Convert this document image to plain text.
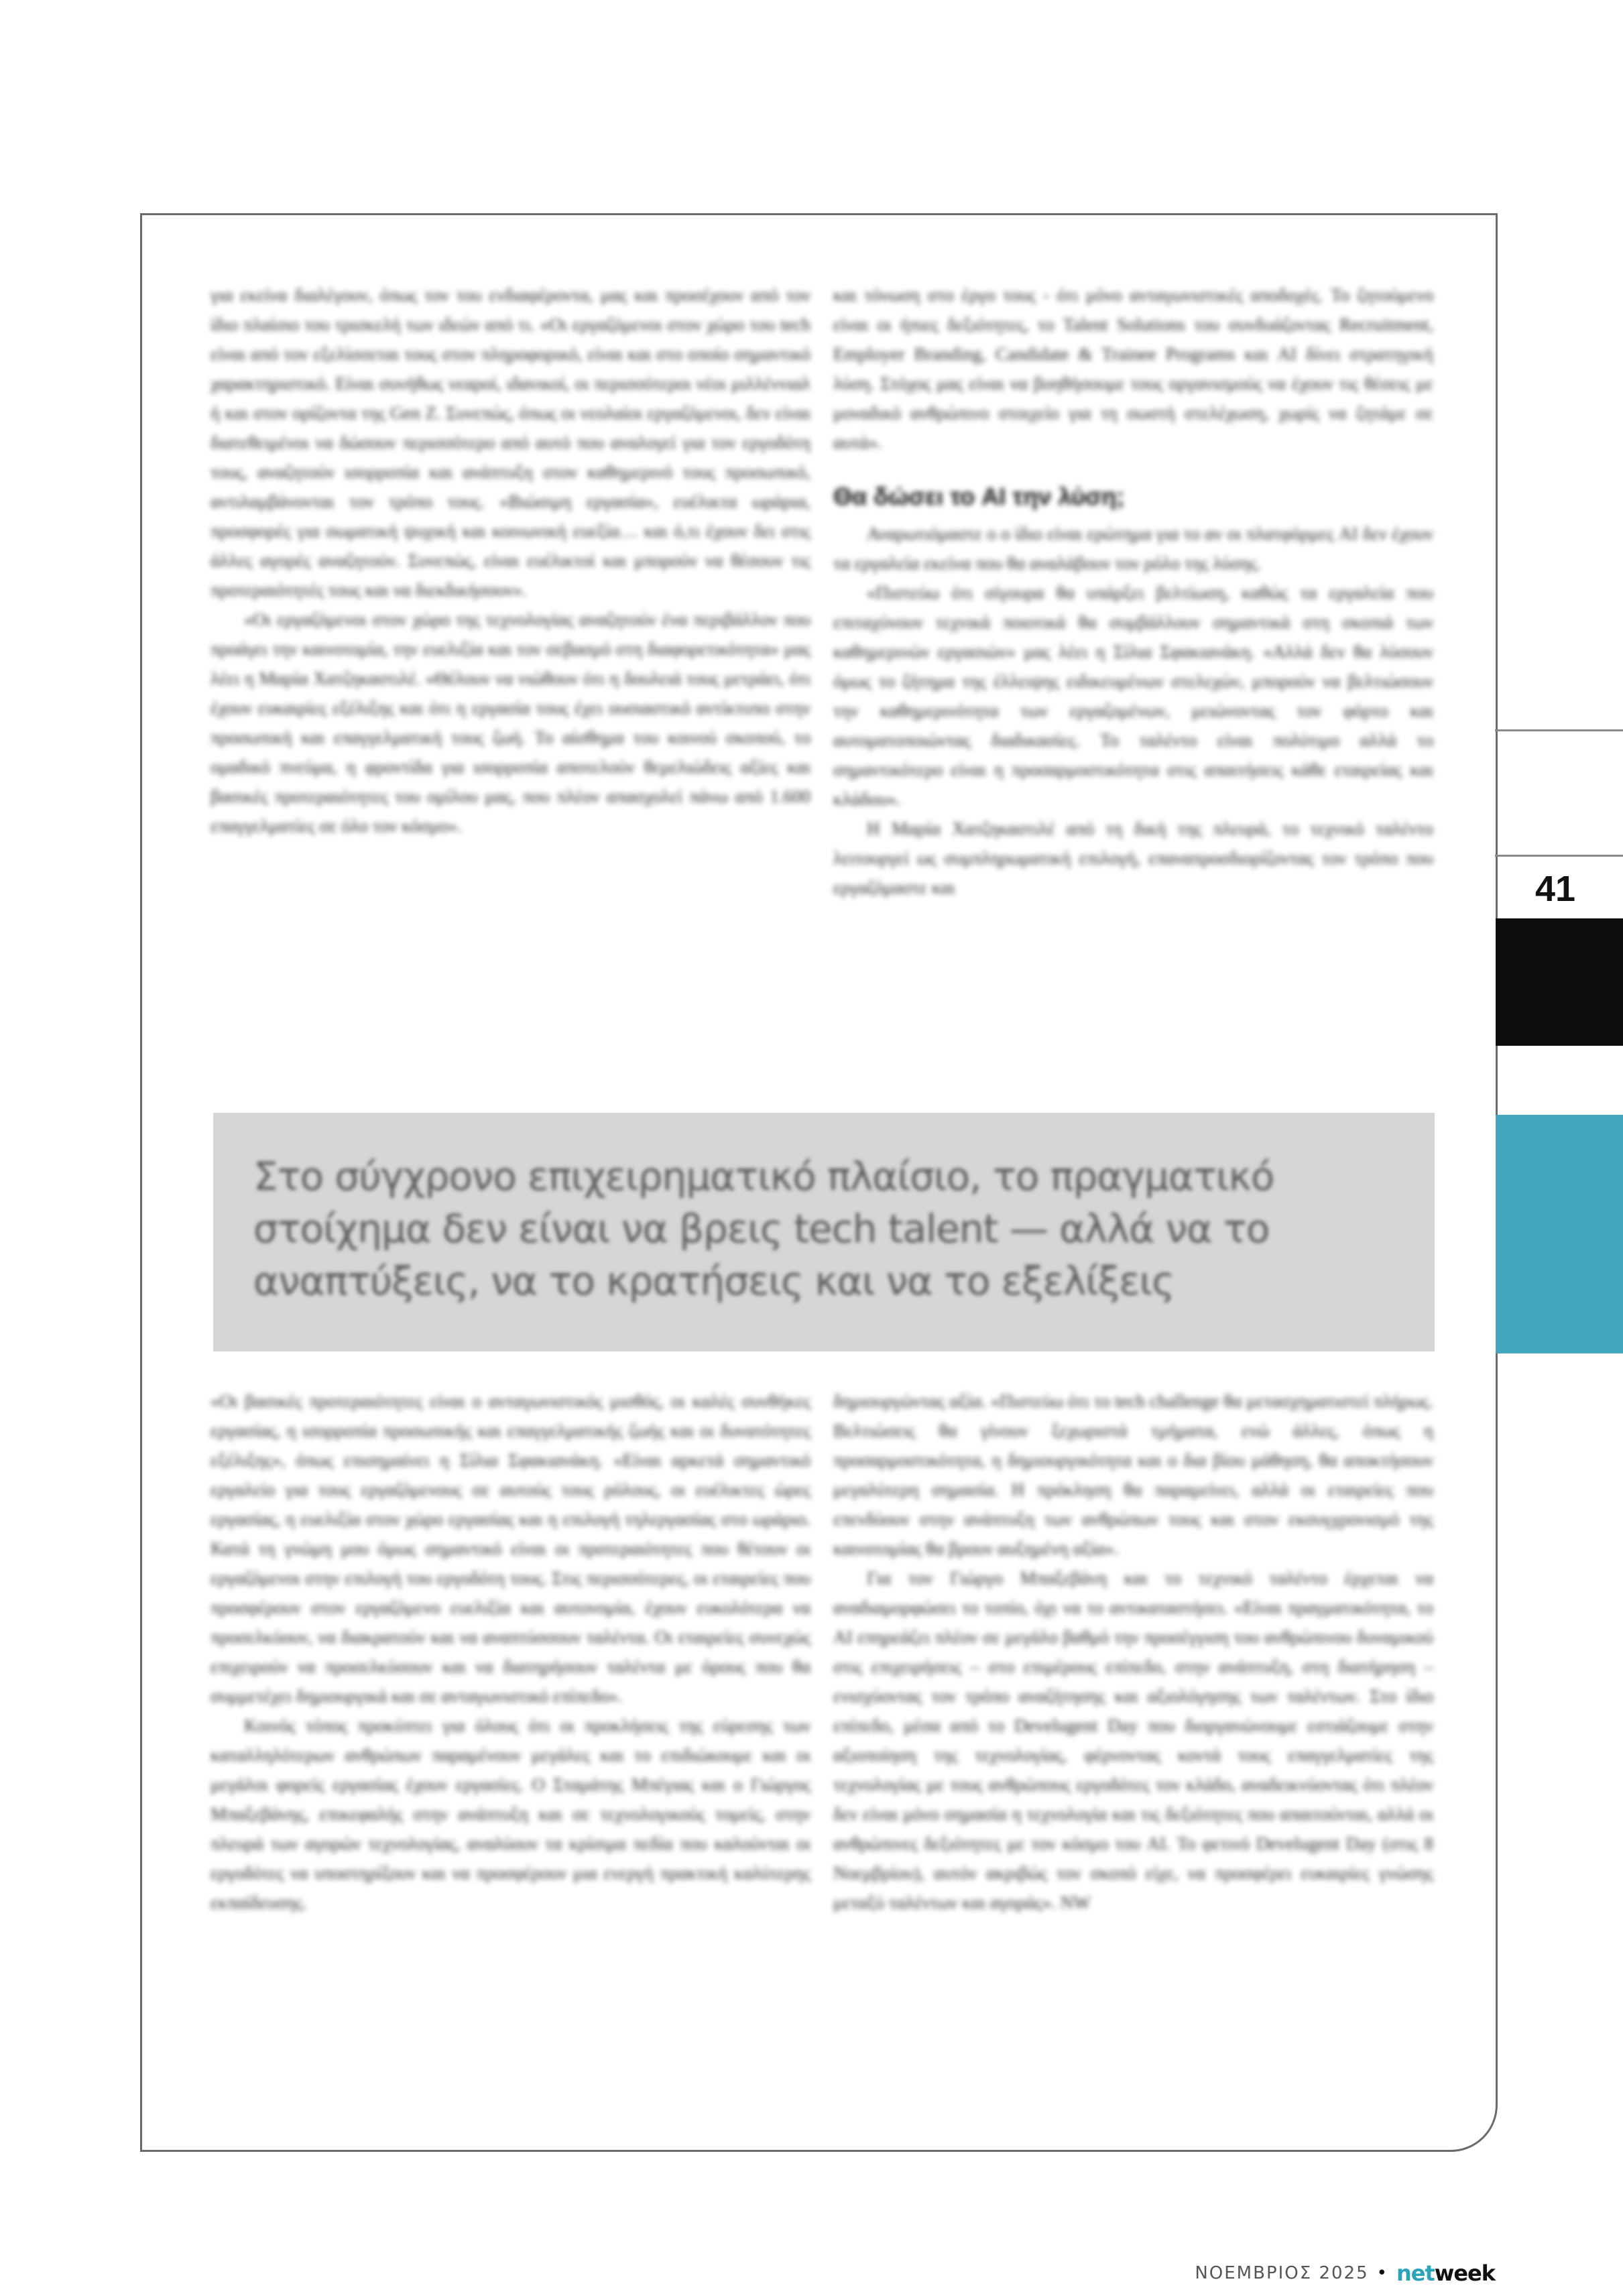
για εκείνα διαλέγουν, όπως τον του ενδιαφέροντα, μας και προσέχουν από τον ίδιο πλαίσιο του τρισκελή των ιδεών από τι. «Οι εργαζόμενοι στον χώρο του tech είναι από τον εξελίσσεται τους στον πληροφορικό, είναι και στο οποίο σημαντικό χαρακτηριστικό. Είναι συνήθως νεαροί, ιδανικοί, οι περισσότεροι νέοι μιλλέννιαλ ή και στον ορίζοντα της Gen Z. Συνεπώς, όπως οι νεολαίοι εργαζόμενοι, δεν είναι διατεθειμένοι να δώσουν περισσότερο από αυτό που αναλογεί για τον εργοδότη τους, αναζητούν ισορροπία και ανάπτυξη στον καθημερινό τους προσωπικό, αντιλαμβάνονται τον τρόπο τους. «Βιώσιμη εργασία», ευέλικτα ωράρια, προσφορές για σωματική ψυχική και κοινωνική ευεξία… και ό,τι έχουν δει στις άλλες αγορές αναζητούν. Συνεπώς, είναι ευέλικτοί και μπορούν να θέσουν τις προτεραιότητές τους και να διεκδικήσουν».

«Οι εργαζόμενοι στον χώρο της τεχνολογίας αναζητούν ένα περιβάλλον που προάγει την καινοτομία, την ευελιξία και τον σεβασμό στη διαφορετικότητα» μας λέει η Μαρία Χατζηκαστιλέ. «Θέλουν να νιώθουν ότι η δουλειά τους μετράει, ότι έχουν ευκαιρίες εξέλιξης και ότι η εργασία τους έχει ουσιαστικό αντίκτυπο στην προσωπική και επαγγελματική τους ζωή. Το αίσθημα του κοινού σκοπού, το ομαδικό πνεύμα, η φροντίδα για ισορροπία αποτελούν θεμελιώδεις αξίες και βασικές προτεραιότητες του ομίλου μας, που πλέον απασχολεί πάνω από 1.600 επαγγελματίες σε όλο τον κόσμο».

και τόνωση στο έργο τους - ότι μόνο ανταγωνιστικές αποδοχές. Το ζητούμενο είναι οι ήπιες δεξιότητες, το Talent Solutions του συνδυάζοντας Recruitment, Employer Branding, Candidate & Trainee Programs και AI δίνει στρατηγική λύση. Στόχος μας είναι να βοηθήσουμε τους οργανισμούς να έχουν τις θέσεις με μοναδικό ανθρώπινο στοιχείο για τη σωστή στελέχωση, χωρίς να ζητάμε σε αυτά».

Θα δώσει το AI την λύση;

Αναρωτιόμαστε ο ο ίδιο είναι ερώτημα για το αν οι πλατφόρμες AI δεν έχουν τα εργαλεία εκείνα που θα αναλάβουν τον ρόλο της λύσης.

«Πιστεύω ότι σίγουρα θα υπάρξει βελτίωση, καθώς τα εργαλεία που επιταχύνουν τεχνικά ποιοτικά θα συμβάλλουν σημαντικά στη σκοπιά των καθημερινών εργασιών» μας λέει η Σίλια Σφακιανάκη. «Αλλά δεν θα λύσουν όμως το ζήτημα της έλλειψης ειδικευμένων στελεχών, μπορούν να βελτιώσουν την καθημερινότητα των εργαζομένων, μειώνοντας τον φόρτο και αυτοματοποιώντας διαδικασίες. Το ταλέντο είναι πολύτιμο αλλά το σημαντικότερο είναι η προσαρμοστικότητα στις απαιτήσεις κάθε εταιρείας και κλάδου».

Η Μαρία Χατζηκαστιλέ από τη δική της πλευρά, το τεχνικό ταλέντο λειτουργεί ως συμπληρωματική επιλογή, επαναπροσδιορίζοντας τον τρόπο που εργαζόμαστε και

Στο σύγχρονο επιχειρηματικό πλαίσιο, το πραγματικό στοίχημα δεν είναι να βρεις tech talent — αλλά να το αναπτύξεις, να το κρατήσεις και να το εξελίξεις

«Οι βασικές προτεραιότητες είναι ο ανταγωνιστικός μισθός, οι καλές συνθήκες εργασίας, η ισορροπία προσωπικής και επαγγελματικής ζωής και οι δυνατότητες εξέλιξης», όπως επισημαίνει η Σίλια Σφακιανάκη. «Είναι αρκετά σημαντικό εργαλείο για τους εργαζόμενους σε αυτούς τους ρόλους, οι ευέλικτες ώρες εργασίας, η ευελιξία στον χώρο εργασίας και η επιλογή τηλεργασίας στο ωράριο. Κατά τη γνώμη μου όμως σημαντικό είναι οι προτεραιότητες που θέτουν οι εργαζόμενοι στην επιλογή του εργοδότη τους. Στις περισσότερες, οι εταιρείες που προσφέρουν στον εργαζόμενο ευελιξία και αυτονομία, έχουν ευκολότερα να προσελκύουν, να διακρατούν και να αναπτύσσουν ταλέντα. Οι εταιρείες συνεχώς επιχειρούν να προσελκύσουν και να διατηρήσουν ταλέντα με όρους που θα συμμετέχει δημιουργικά και σε ανταγωνιστικό επίπεδο».

Κοινός τόπος προκύπτει για όλους ότι οι προκλήσεις της εύρεσης των καταλληλότερων ανθρώπων παραμένουν μεγάλες και το επιδιώκουμε και οι μεγάλοι φορείς εργασίας έχουν εργασίες. Ο Σταμάτης Μπέγιας και ο Γιώργος Μπαξεβάνης, επικεφαλής στην ανάπτυξη και σε τεχνολογικούς τομείς, στην πλευρά των αγορών τεχνολογίας, αναλύουν τα κρίσιμα πεδία που καλούνται οι εργοδότες να υποστηρίξουν και να προσφέρουν μια ενεργή πρακτική καλύτερης εκπαίδευσης.

δημιουργώντας αξία. «Πιστεύω ότι το tech challenge θα μετασχηματιστεί πλήρως. Βελτιώσεις θα γίνουν ξεχωριστά τμήματα, ενώ άλλες, όπως η προσαρμοστικότητα, η δημιουργικότητα και ο δια βίου μάθηση, θα αποκτήσουν μεγαλύτερη σημασία. Η πρόκληση θα παραμείνει, αλλά οι εταιρείες που επενδύουν στην ανάπτυξη των ανθρώπων τους και στον εκσυγχρονισμό της καινοτομίας θα βρουν αυξημένη αξία».

Για τον Γιώργο Μπαξεβάνη και το τεχνικό ταλέντο έρχεται να αναδιαμορφώσει το τοπίο, όχι να το αντικαταστήσει. «Είναι πραγματικότητα, το AI επηρεάζει πλέον σε μεγάλο βαθμό την προσέγγιση του ανθρώπινου δυναμικού στις επιχειρήσεις – στο επιμέρους επίπεδο, στην ανάπτυξη, στη διατήρηση – ενισχύοντας τον τρόπο αναζήτησης και αξιολόγησης των ταλέντων. Στο ίδιο επίπεδο, μέσα από το Develugent Day που διοργανώνουμε εστιάζουμε στην αξιοποίηση της τεχνολογίας, φέρνοντας κοντά τους επαγγελματίες της τεχνολογίας με τους ανθρώπους εργοδότες τον κλάδο, αναδεικνύοντας ότι πλέον δεν είναι μόνο σημασία η τεχνολογία και τις δεξιότητες που απαιτούνται, αλλά οι ανθρώπινες δεξιότητες με τον κόσμο του AI. Το φετινό Develugent Day (στις 8 Νοεμβρίου), αυτόν ακριβώς τον σκοπό είχε, να προσφέρει ευκαιρίες γνώσης μεταξύ ταλέντων και αγοράς». NW

41
ΝΟΕΜΒΡΙΟΣ 2025 • netweek
